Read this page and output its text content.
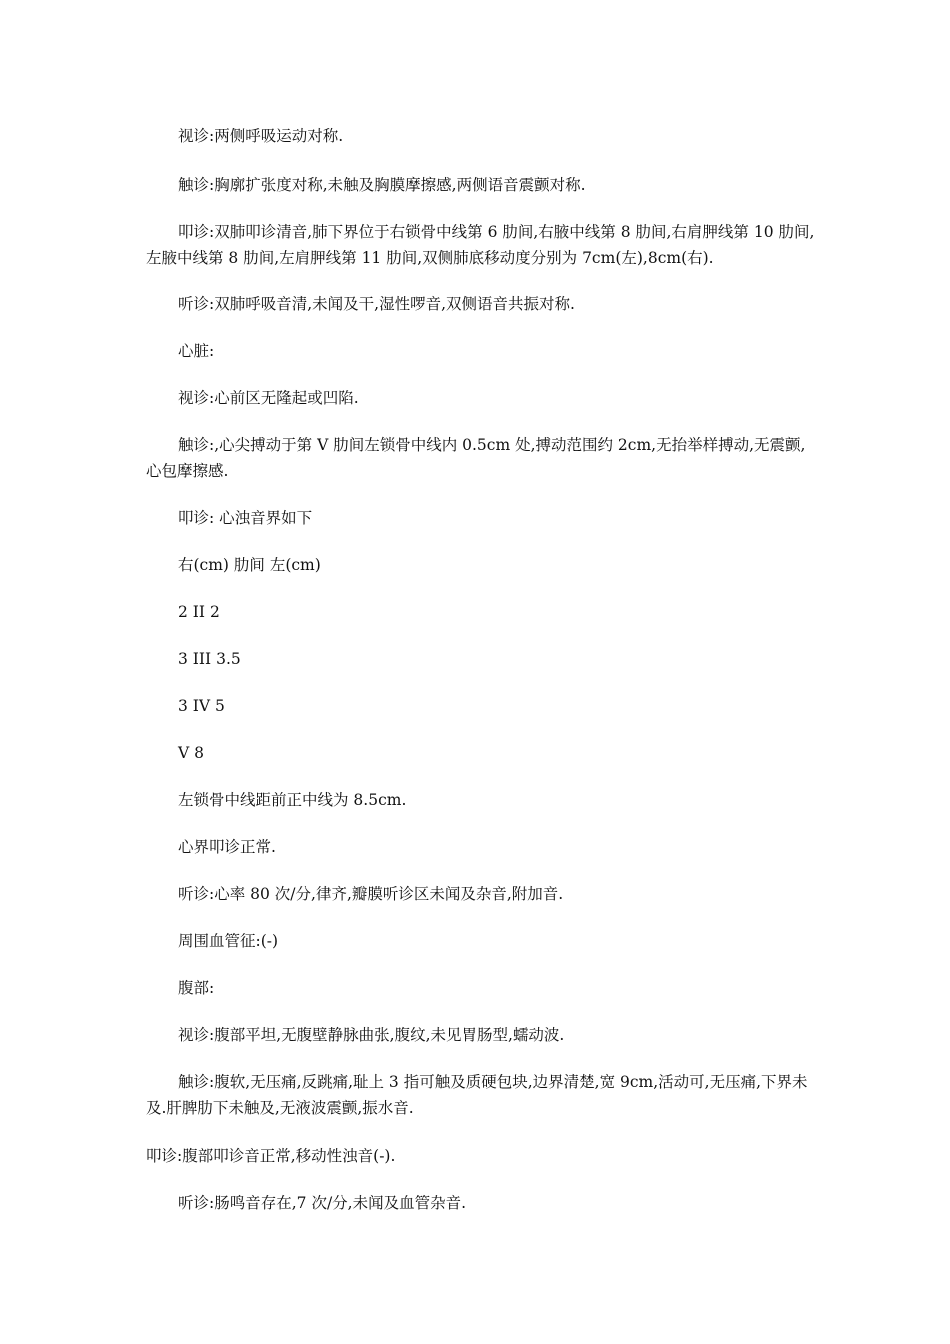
视诊:两侧呼吸运动对称.

触诊:胸廓扩张度对称,未触及胸膜摩擦感,两侧语音震颤对称.

叩诊:双肺叩诊清音,肺下界位于右锁骨中线第 6 肋间,右腋中线第 8 肋间,右肩胛线第 10 肋间,左腋中线第 8 肋间,左肩胛线第 11 肋间,双侧肺底移动度分别为 7cm(左),8cm(右).

听诊:双肺呼吸音清,未闻及干,湿性啰音,双侧语音共振对称.

心脏:

视诊:心前区无隆起或凹陷.

触诊:,心尖搏动于第 V 肋间左锁骨中线内 0.5cm 处,搏动范围约 2cm,无抬举样搏动,无震颤,心包摩擦感.

叩诊: 心浊音界如下

右(cm) 肋间 左(cm)

2 II 2

3 III 3.5

3 IV 5

V 8

左锁骨中线距前正中线为 8.5cm.

心界叩诊正常.

听诊:心率 80 次/分,律齐,瓣膜听诊区未闻及杂音,附加音.

周围血管征:(-)

腹部:

视诊:腹部平坦,无腹壁静脉曲张,腹纹,未见胃肠型,蠕动波.

触诊:腹软,无压痛,反跳痛,耻上 3 指可触及质硬包块,边界清楚,宽 9cm,活动可,无压痛,下界未及.肝脾肋下未触及,无液波震颤,振水音.

叩诊:腹部叩诊音正常,移动性浊音(-).

听诊:肠鸣音存在,7 次/分,未闻及血管杂音.
